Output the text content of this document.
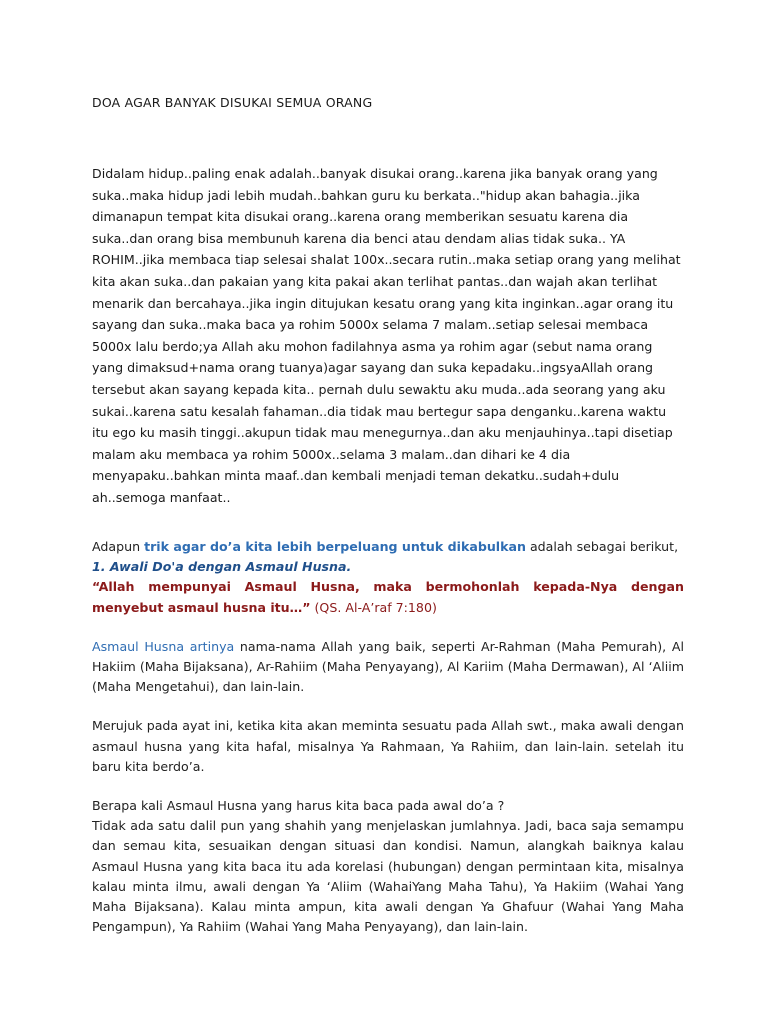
DOA AGAR BANYAK DISUKAI SEMUA ORANG
Didalam hidup..paling enak adalah..banyak disukai orang..karena jika banyak orang yang suka..maka hidup jadi lebih mudah..bahkan guru ku berkata.."hidup akan bahagia..jika dimanapun tempat kita disukai orang..karena orang memberikan sesuatu karena dia suka..dan orang bisa membunuh karena dia benci atau dendam alias tidak suka.. YA ROHIM..jika membaca tiap selesai shalat 100x..secara rutin..maka setiap orang yang melihat kita akan suka..dan pakaian yang kita pakai akan terlihat pantas..dan wajah akan terlihat menarik dan bercahaya..jika ingin ditujukan kesatu orang yang kita inginkan..agar orang itu sayang dan suka..maka baca ya rohim 5000x selama 7 malam..setiap selesai membaca 5000x lalu berdo;ya Allah aku mohon fadilahnya asma ya rohim agar (sebut nama orang yang dimaksud+nama orang tuanya)agar sayang dan suka kepadaku..ingsyaAllah orang tersebut akan sayang kepada kita.. pernah dulu sewaktu aku muda..ada seorang yang aku sukai..karena satu kesalah fahaman..dia tidak mau bertegur sapa denganku..karena waktu itu ego ku masih tinggi..akupun tidak mau menegurnya..dan aku menjauhinya..tapi disetiap malam aku membaca ya rohim 5000x..selama 3 malam..dan dihari ke 4 dia menyapaku..bahkan minta maaf..dan kembali menjadi teman dekatku..sudah+dulu ah..semoga manfaat..

Adapun trik agar do’a kita lebih berpeluang untuk dikabulkan adalah sebagai berikut,

1. Awali Do'a dengan Asmaul Husna.

“Allah mempunyai Asmaul Husna, maka bermohonlah kepada-Nya dengan menyebut asmaul husna itu…” (QS. Al-A’raf 7:180)

Asmaul Husna artinya nama-nama Allah yang baik, seperti Ar-Rahman (Maha Pemurah), Al Hakiim (Maha Bijaksana), Ar-Rahiim (Maha Penyayang), Al Kariim (Maha Dermawan), Al ‘Aliim (Maha Mengetahui), dan lain-lain.

Merujuk pada ayat ini, ketika kita akan meminta sesuatu pada Allah swt., maka awali dengan asmaul husna yang kita hafal, misalnya Ya Rahmaan, Ya Rahiim, dan lain-lain. setelah itu baru kita berdo’a.

Berapa kali Asmaul Husna yang harus kita baca pada awal do’a ?

Tidak ada satu dalil pun yang shahih yang menjelaskan jumlahnya. Jadi, baca saja semampu dan semau kita, sesuaikan dengan situasi dan kondisi. Namun, alangkah baiknya kalau Asmaul Husna yang kita baca itu ada korelasi (hubungan) dengan permintaan kita, misalnya kalau minta ilmu, awali dengan Ya ‘Aliim (WahaiYang Maha Tahu), Ya Hakiim (Wahai Yang Maha Bijaksana). Kalau minta ampun, kita awali dengan Ya Ghafuur (Wahai Yang Maha Pengampun), Ya Rahiim (Wahai Yang Maha Penyayang), dan lain-lain.
